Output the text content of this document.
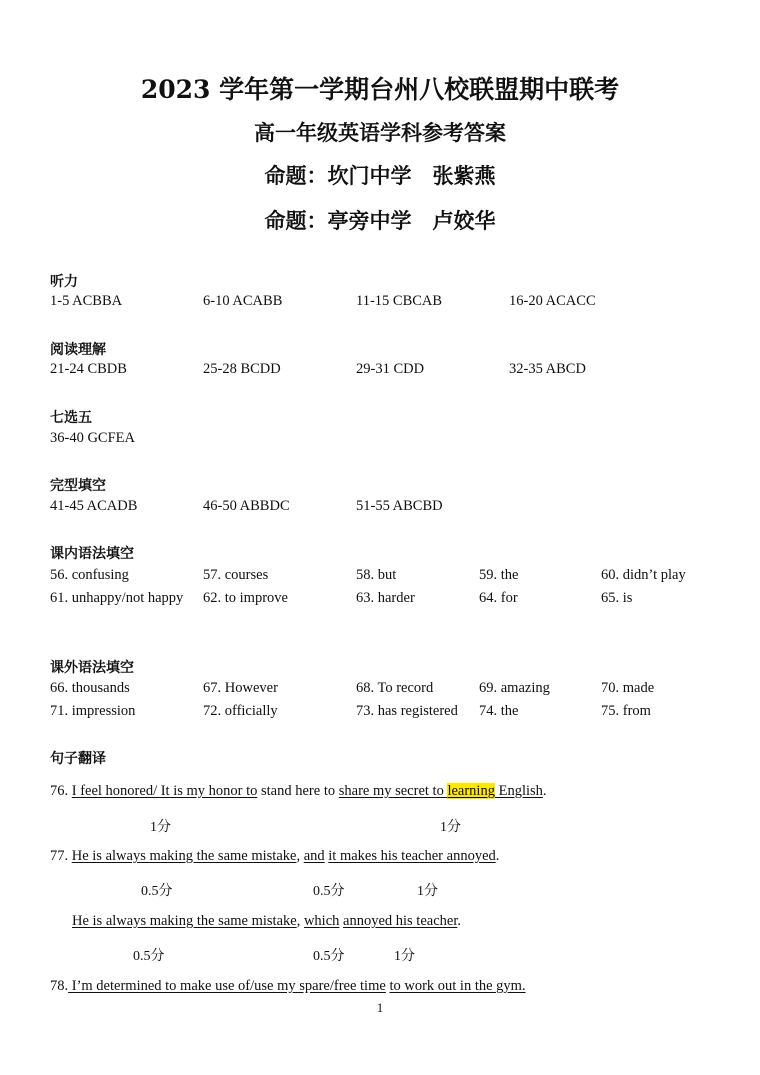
2023 学年第一学期台州八校联盟期中联考
高一年级英语学科参考答案
命题：坎门中学　张紫燕
命题：亭旁中学　卢姣华
听力
1-5 ACBBA	6-10 ACABB	11-15 CBCAB	16-20 ACACC
阅读理解
21-24 CBDB	25-28 BCDD	29-31 CDD	32-35 ABCD
七选五
36-40 GCFEA
完型填空
41-45 ACADB	46-50 ABBDC	51-55 ABCBD
课内语法填空
56. confusing	57. courses	58. but	59. the	60. didn’t play
61. unhappy/not happy 62. to improve	63. harder	64. for	65. is
课外语法填空
66. thousands	67. However	68. To record	69. amazing	70. made
71. impression	72. officially	73. has registered 74. the	75. from
句子翻译
76. I feel honored/ It is my honor to stand here to share my secret to learning English.
1分	1分
77. He is always making the same mistake, and it makes his teacher annoyed.
0.5分	0.5分	1分
He is always making the same mistake, which annoyed his teacher.
0.5分	0.5分	1分
78. I’m determined to make use of/use my spare/free time to work out in the gym.
1
